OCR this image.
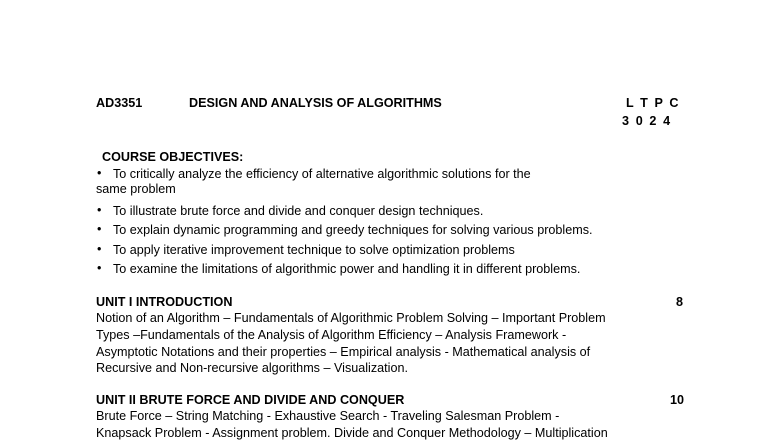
AD3351	DESIGN AND ANALYSIS OF ALGORITHMS	L T P C
3 0 2 4
COURSE OBJECTIVES:
• To critically analyze the efficiency of alternative algorithmic solutions for the
same problem
• To illustrate brute force and divide and conquer design techniques.
• To explain dynamic programming and greedy techniques for solving various problems.
• To apply iterative improvement technique to solve optimization problems
• To examine the limitations of algorithmic power and handling it in different problems.
UNIT I INTRODUCTION	8
Notion of an Algorithm – Fundamentals of Algorithmic Problem Solving – Important Problem
Types –Fundamentals of the Analysis of Algorithm Efficiency – Analysis Framework -
Asymptotic Notations and their properties – Empirical analysis - Mathematical analysis of
Recursive and Non-recursive algorithms – Visualization.
UNIT II BRUTE FORCE AND DIVIDE AND CONQUER	10
Brute Force – String Matching - Exhaustive Search - Traveling Salesman Problem -
Knapsack Problem - Assignment problem. Divide and Conquer Methodology – Multiplication
